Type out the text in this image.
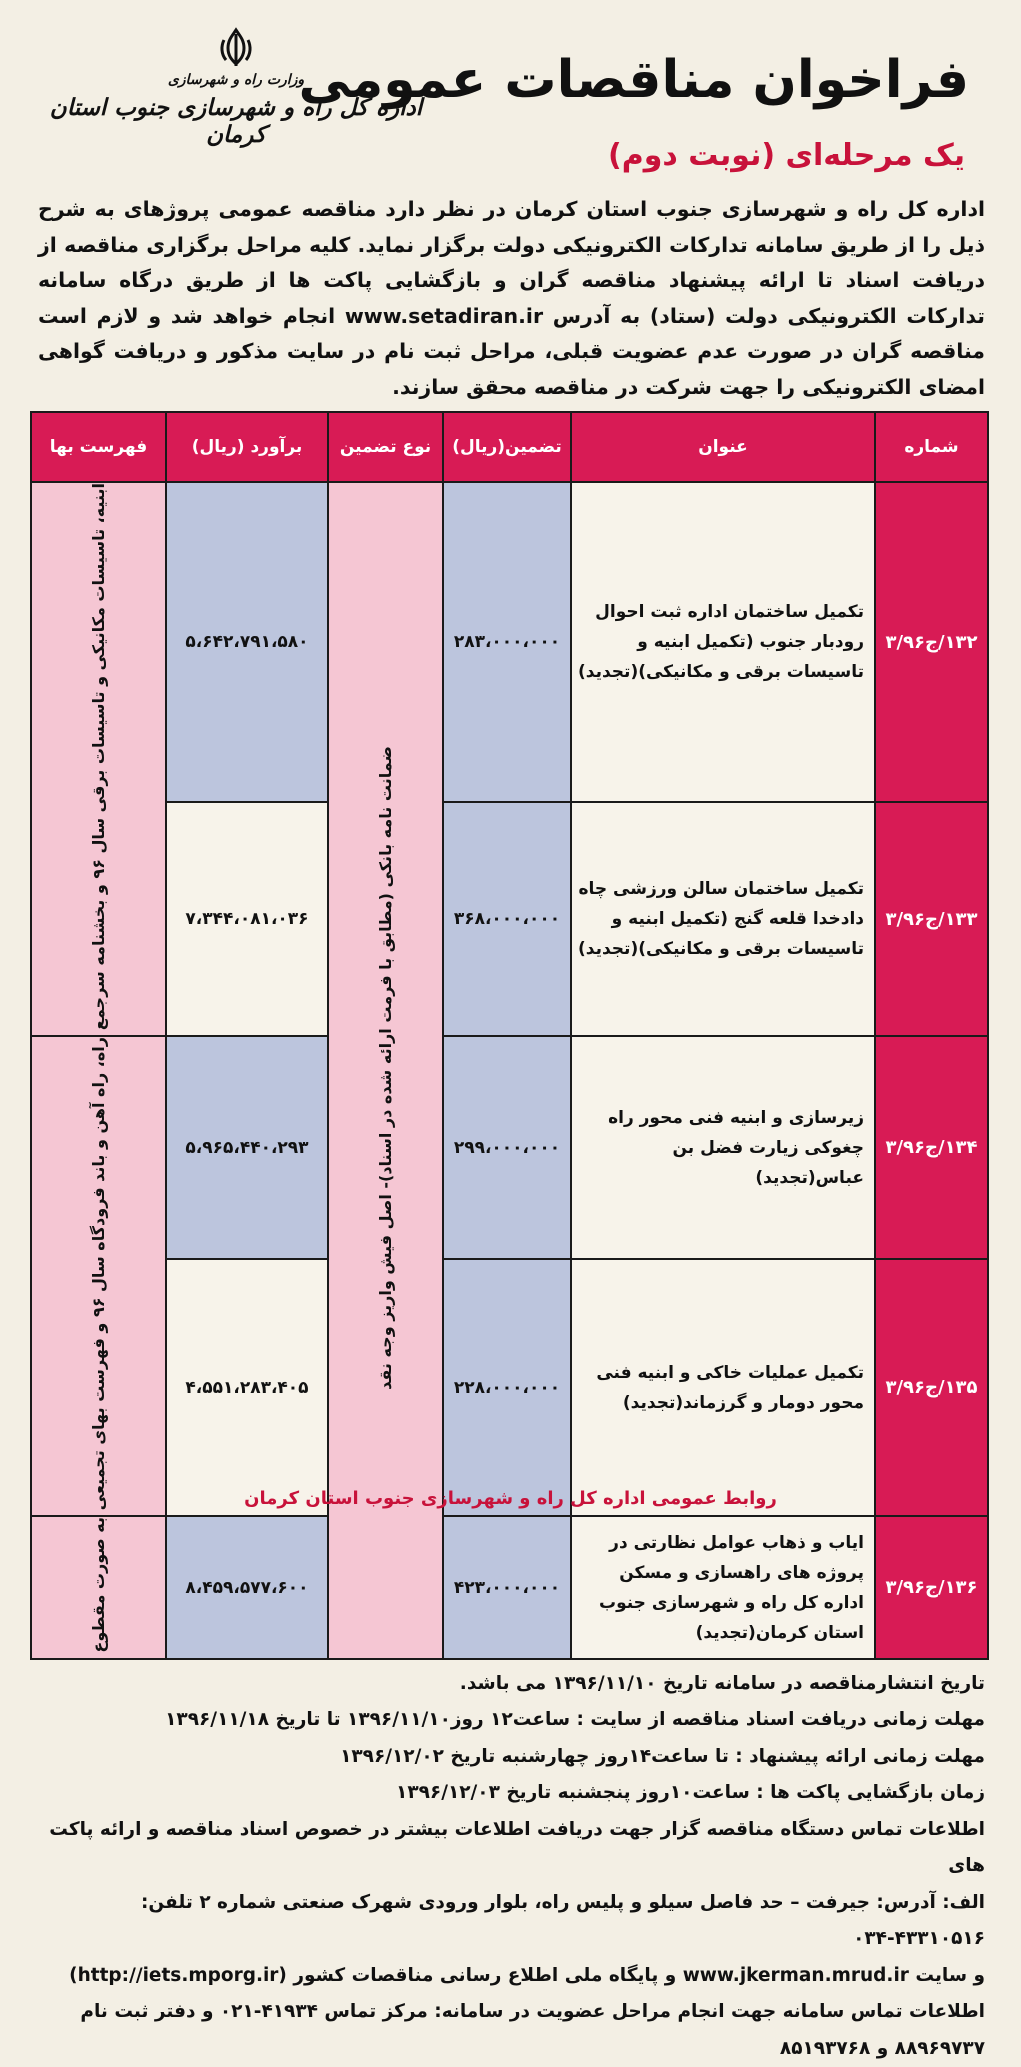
فراخوان مناقصات عمومی
یک مرحله‌ای (نوبت دوم)
وزارت راه و شهرسازی
اداره کل راه و شهرسازی جنوب استان کرمان
اداره کل راه و شهرسازی جنوب استان کرمان در نظر دارد مناقصه عمومی پروژهای به شرح ذیل را از طریق سامانه تدارکات الکترونیکی دولت برگزار نماید. کلیه مراحل برگزاری مناقصه از دریافت اسناد تا ارائه پیشنهاد مناقصه گران و بازگشایی پاکت ها از طریق درگاه سامانه تدارکات الکترونیکی دولت (ستاد) به آدرس www.setadiran.ir انجام خواهد شد و لازم است مناقصه گران در صورت عدم عضویت قبلی، مراحل ثبت نام در سایت مذکور و دریافت گواهی امضای الکترونیکی را جهت شرکت در مناقصه محقق سازند.
شماره	عنوان	تضمین(ریال)	نوع تضمین	برآورد (ریال)	فهرست بها
۱۳۲/ج۳/۹۶	تکمیل ساختمان اداره ثبت احوال رودبار جنوب (تکمیل ابنیه و تاسیسات برقی و مکانیکی)(تجدید)	۲۸۳،۰۰۰،۰۰۰	ضمانت نامه بانکی (مطابق با فرمت ارائه شده در اسناد)- اصل فیش واریز وجه نقد	۵،۶۴۲،۷۹۱،۵۸۰	ابنیه، تاسیسات مکانیکی و تاسیسات برقی سال ۹۶ و بخشنامه سرجمع
۱۳۳/ج۳/۹۶	تکمیل ساختمان سالن ورزشی چاه دادخدا قلعه گنج (تکمیل ابنیه و تاسیسات برقی و مکانیکی)(تجدید)	۳۶۸،۰۰۰،۰۰۰		۷،۳۴۴،۰۸۱،۰۳۶	
۱۳۴/ج۳/۹۶	زیرسازی و ابنیه فنی محور راه چغوکی زیارت فضل بن عباس(تجدید)	۲۹۹،۰۰۰،۰۰۰		۵،۹۶۵،۴۴۰،۲۹۳	راه، راه آهن و باند فرودگاه سال ۹۶ و فهرست بهای تجمیعی
۱۳۵/ج۳/۹۶	تکمیل عملیات خاکی و ابنیه فنی محور دومار و گرزماند(تجدید)	۲۲۸،۰۰۰،۰۰۰		۴،۵۵۱،۲۸۳،۴۰۵	
۱۳۶/ج۳/۹۶	ایاب و ذهاب عوامل نظارتی در پروژه های راهسازی و مسکن اداره کل راه و شهرسازی جنوب استان کرمان(تجدید)	۴۲۳،۰۰۰،۰۰۰		۸،۴۵۹،۵۷۷،۶۰۰	به صورت مقطوع

تاریخ انتشارمناقصه در سامانه تاریخ ۱۳۹۶/۱۱/۱۰ می باشد.

مهلت زمانی دریافت اسناد مناقصه از سایت : ساعت۱۲ روز۱۳۹۶/۱۱/۱۰ تا تاریخ ۱۳۹۶/۱۱/۱۸

مهلت زمانی ارائه پیشنهاد : تا ساعت۱۴روز چهارشنبه تاریخ ۱۳۹۶/۱۲/۰۲

زمان بازگشایی پاکت ها : ساعت۱۰روز پنجشنبه تاریخ ۱۳۹۶/۱۲/۰۳

اطلاعات تماس دستگاه مناقصه گزار جهت دریافت اطلاعات بیشتر در خصوص اسناد مناقصه و ارائه پاکت های

الف: آدرس: جیرفت – حد فاصل سیلو و پلیس راه، بلوار ورودی شهرک صنعتی شماره ۲ تلفن: ۴۳۳۱۰۵۱۶-۰۳۴

و سایت www.jkerman.mrud.ir و پایگاه ملی اطلاع رسانی مناقصات کشور (http://iets.mporg.ir)

اطلاعات تماس سامانه جهت انجام مراحل عضویت در سامانه: مرکز تماس ۴۱۹۳۴-۰۲۱ و دفتر ثبت نام

۸۸۹۶۹۷۳۷ و ۸۵۱۹۳۷۶۸

روابط عمومی اداره کل راه و شهرسازی جنوب استان کرمان
